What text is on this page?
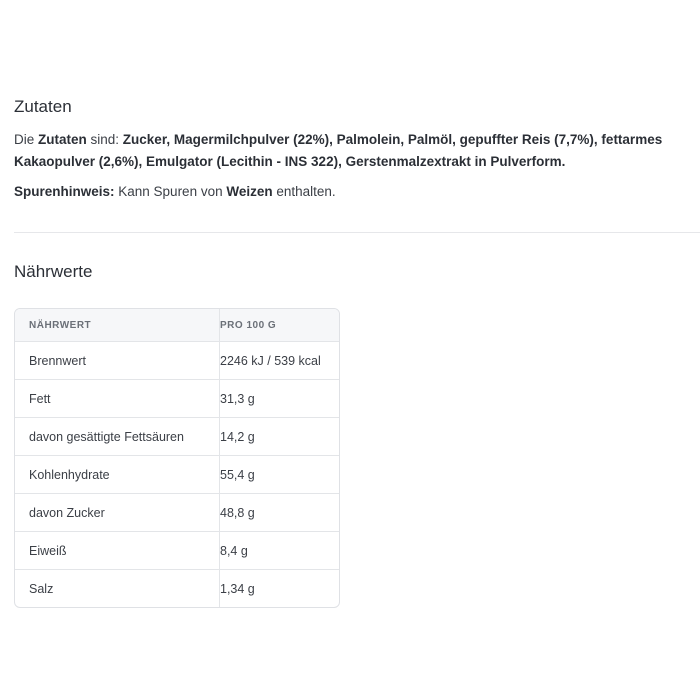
Zutaten

Die Zutaten sind: Zucker, Magermilchpulver (22%), Palmolein, Palmöl, gepuffter Reis (7,7%), fettarmes Kakaopulver (2,6%), Emulgator (Lecithin - INS 322), Gerstenmalzextrakt in Pulverform.

Spurenhinweis: Kann Spuren von Weizen enthalten.

Nährwerte
NÄHRWERT	PRO 100 G
Brennwert	2246 kJ / 539 kcal
Fett	31,3 g
davon gesättigte Fettsäuren	14,2 g
Kohlenhydrate	55,4 g
davon Zucker	48,8 g
Eiweiß	8,4 g
Salz	1,34 g
